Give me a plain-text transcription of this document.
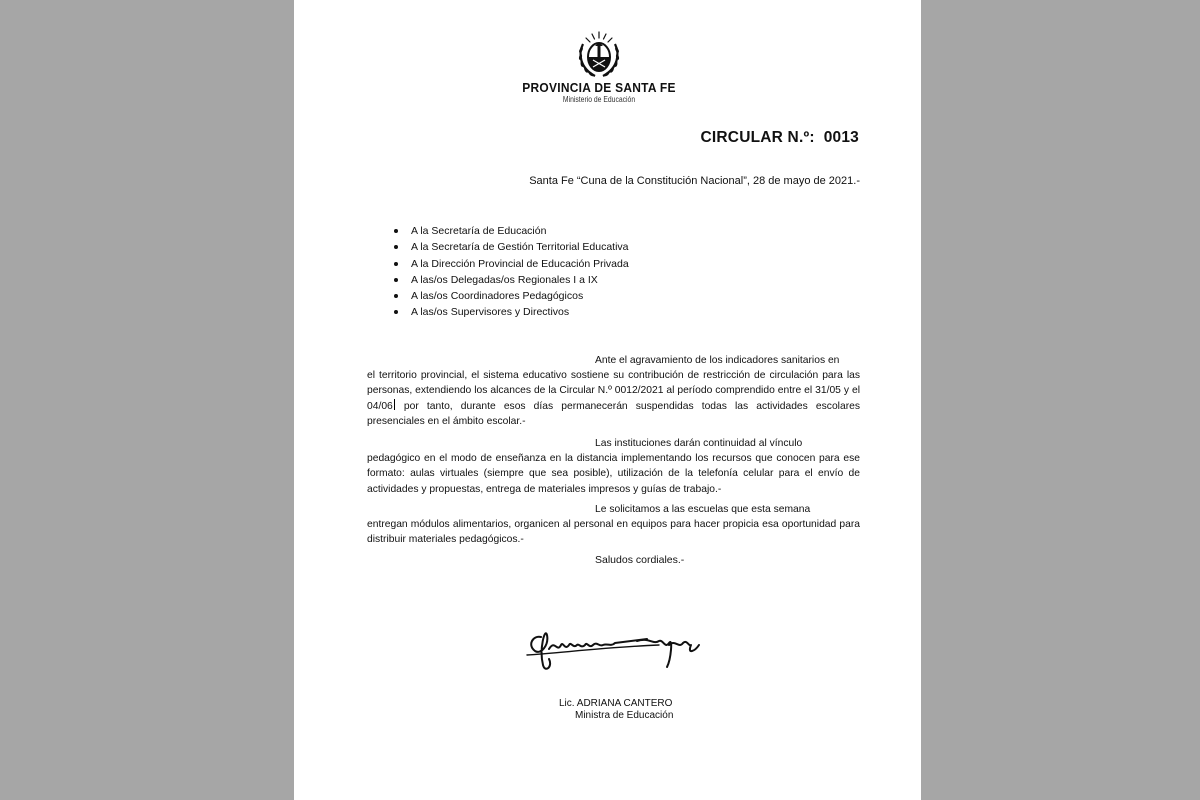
PROVINCIA DE SANTA FE
Ministerio de Educación
CIRCULAR N.º: 0013
Santa Fe “Cuna de la Constitución Nacional”, 28 de mayo de 2021.-
A la Secretaría de Educación
A la Secretaría de Gestión Territorial Educativa
A la Dirección Provincial de Educación Privada
A las/os Delegadas/os Regionales I a IX
A las/os Coordinadores Pedagógicos
A las/os Supervisores y Directivos

Ante el agravamiento de los indicadores sanitarios en
el territorio provincial, el sistema educativo sostiene su contribución de restricción de circulación para las personas, extendiendo los alcances de la Circular N.º 0012/2021 al período comprendido entre el 31/05 y el 04/06 por tanto, durante esos días permanecerán suspendidas todas las actividades escolares presenciales en el ámbito escolar.-

Las instituciones darán continuidad al vínculo
pedagógico en el modo de enseñanza en la distancia implementando los recursos que conocen para ese formato: aulas virtuales (siempre que sea posible), utilización de la telefonía celular para el envío de actividades y propuestas, entrega de materiales impresos y guías de trabajo.-

Le solicitamos a las escuelas que esta semana
entregan módulos alimentarios, organicen al personal en equipos para hacer propicia esa oportunidad para distribuir materiales pedagógicos.-

Saludos cordiales.-

Lic. ADRIANA CANTERO
Ministra de Educación
